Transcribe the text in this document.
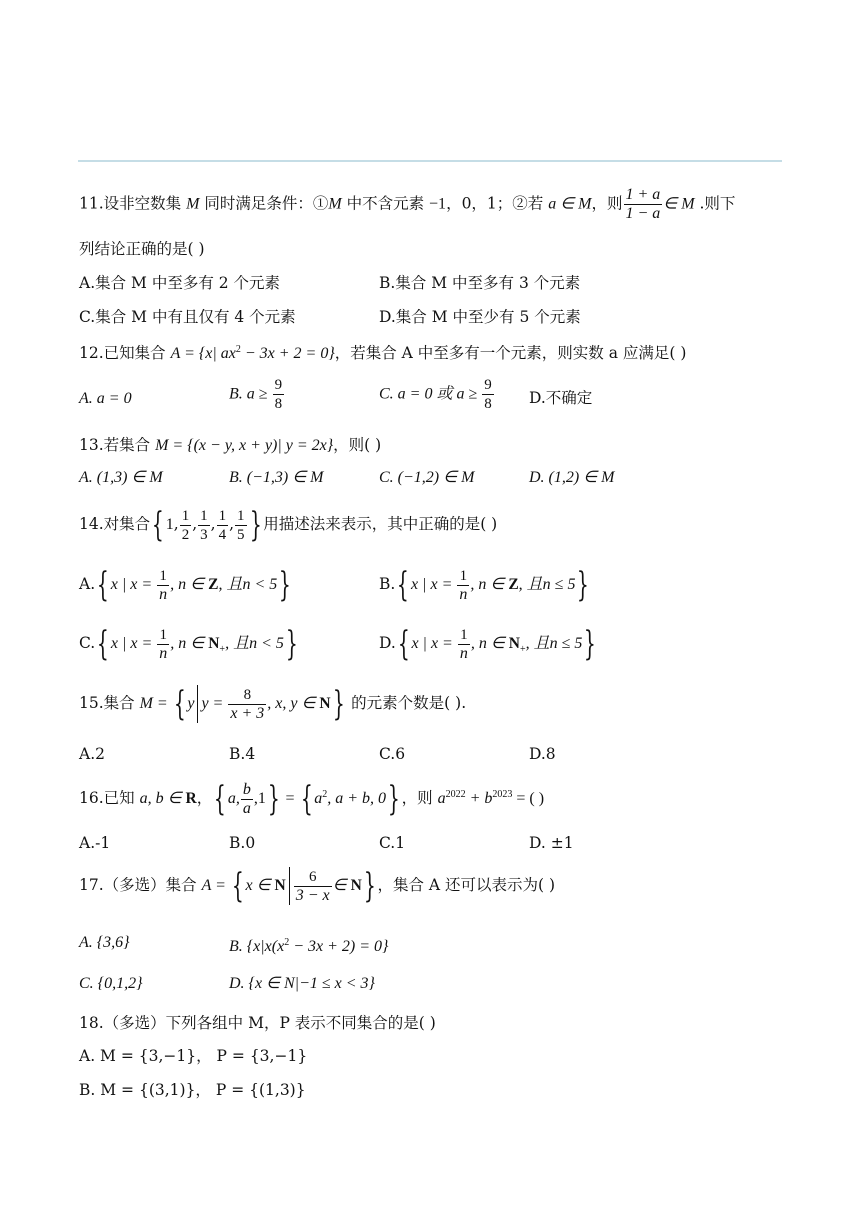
11.设非空数集 M 同时满足条件：①M 中不含元素 −1，0，1；②若 a ∈ M，则 $\frac{1 + a}{1 - a}$ ∈ M .则下
列结论正确的是( )
A.集合 M 中至多有 2 个元素	B.集合 M 中至多有 3 个元素
C.集合 M 中有且仅有 4 个元素	D.集合 M 中至少有 5 个元素
12.已知集合 A = {x| $ax^2 - 3x + 2 = 0$}，若集合 A 中至多有一个元素，则实数 a 应满足( )
A. a = 0	B. $a \ge \frac{9}{8}$	C. a = 0 或 $a \ge \frac{9}{8} D$.不确定
13.若集合 M = {(x − y, x + y)| y = 2x}，则( )
A. (1,3) ∈ M	B. (−1,3) ∈ M	C. (−1,2) ∈ M	D. (1,2) ∈ M
14.对集合{ 1, $\frac{1}{2}$ , $\frac{1}{3}$ , $\frac{1}{4}$ , $\frac{1}{5}$ } 用描述法来表示，其中正确的是( )
A.{ x | $x = \frac{1}{n}$ , n ∈ Z, 且n < 5}	B.{ x | $x = \frac{1}{n}$ , n ∈ Z, 且n ≤ 5}
C.{ x | $x = \frac{1}{n}$ , n ∈ $N_+$, 且n < 5}	D.{ x | $x = \frac{1}{n}$ , n ∈ $N_+$, 且n ≤ 5}
15.集合 M = { y $y = \frac{8}{x + 3}$ , x, y ∈ N} 的元素个数是( ).
A.2	B.4	C.6	D.8
16.已知 a, b ∈ R，{ a, $\frac{b}{a} ,1$} = { $a^2$, a + b, 0} ，则 $a^{2022} + b^{2023}$ = ( )
A.-1	B.0	C.1	D. ±1
17.（多选）集合 A = { x ∈ N $\frac{6}{3 - x}$ ∈ N} ，集合 A 还可以表示为( )
A. {3,6}	B. $\{x|x(x^2 - 3x + 2) = 0\}$
C. {0,1,2}	D. {x ∈ N|−1 ≤ x < 3}
18.（多选）下列各组中 M，P 表示不同集合的是( )
A. M = {3,−1}， P = {3,−1}
B. M = {(3,1)}， P = {(1,3)}
